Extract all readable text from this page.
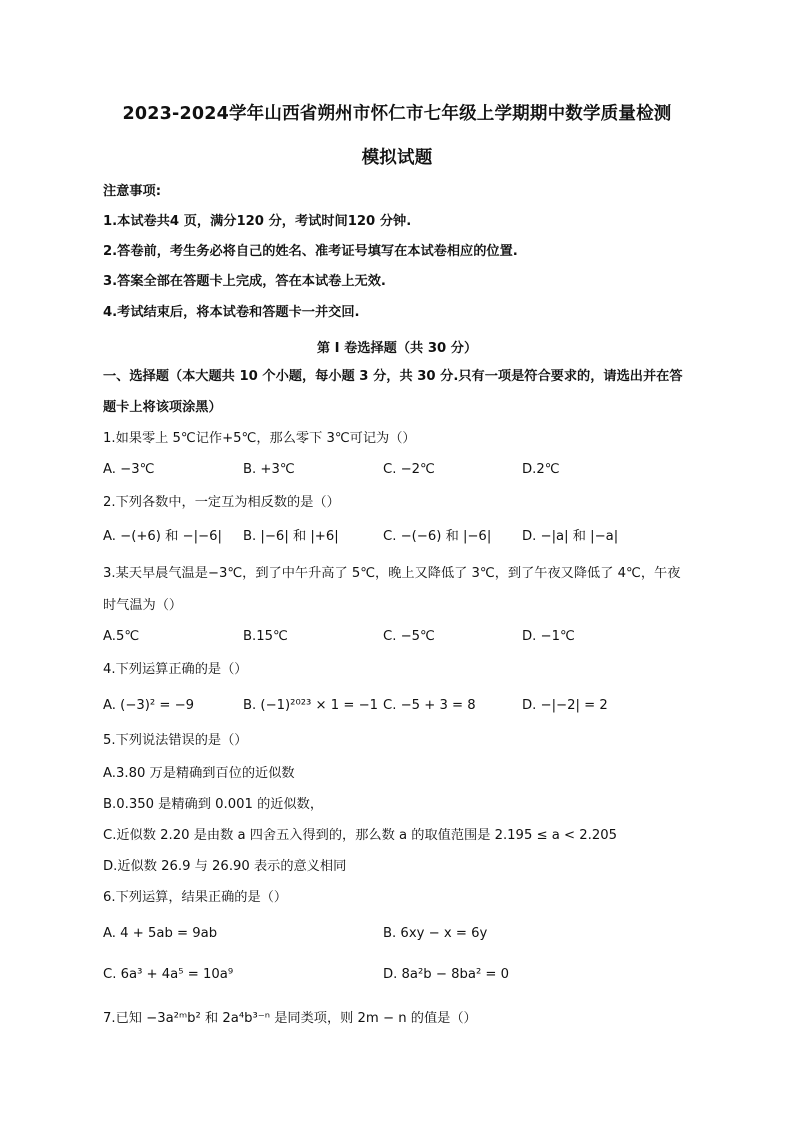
2023-2024学年山西省朔州市怀仁市七年级上学期期中数学质量检测
模拟试题
注意事项:
1.本试卷共4 页，满分120 分，考试时间120 分钟.
2.答卷前，考生务必将自己的姓名、准考证号填写在本试卷相应的位置.
3.答案全部在答题卡上完成，答在本试卷上无效.
4.考试结束后，将本试卷和答题卡一并交回.
第 I 卷选择题（共 30 分）
一、选择题（本大题共 10 个小题，每小题 3 分，共 30 分.只有一项是符合要求的，请选出并在答
题卡上将该项涂黑）
1.如果零上 5℃记作+5℃，那么零下 3℃可记为（）
A. −3℃	B. +3℃	C. −2℃	D.2℃
2.下列各数中，一定互为相反数的是（）
A. −(+6) 和 −|−6| B. |−6| 和 |+6|	C. −(−6) 和 |−6| D. −|a| 和 |−a|
3.某天早晨气温是−3℃，到了中午升高了 5℃，晚上又降低了 3℃，到了午夜又降低了 4℃，午夜
时气温为（）
A.5℃	B.15℃	C. −5℃	D. −1℃
4.下列运算正确的是（）
A. (−3)² = −9	B. (−1)²⁰²³ × 1 = −1 C. −5 + 3 = 8	D. −|−2| = 2
5.下列说法错误的是（）
A.3.80 万是精确到百位的近似数
B.0.350 是精确到 0.001 的近似数，
C.近似数 2.20 是由数 a 四舍五入得到的，那么数 a 的取值范围是 2.195 ≤ a < 2.205
D.近似数 26.9 与 26.90 表示的意义相同
6.下列运算，结果正确的是（）
A. 4 + 5ab = 9ab	B. 6xy − x = 6y
C. 6a³ + 4a⁵ = 10a⁹	D. 8a²b − 8ba² = 0
7.已知 −3a²ᵐb² 和 2a⁴b³⁻ⁿ 是同类项，则 2m − n 的值是（）
